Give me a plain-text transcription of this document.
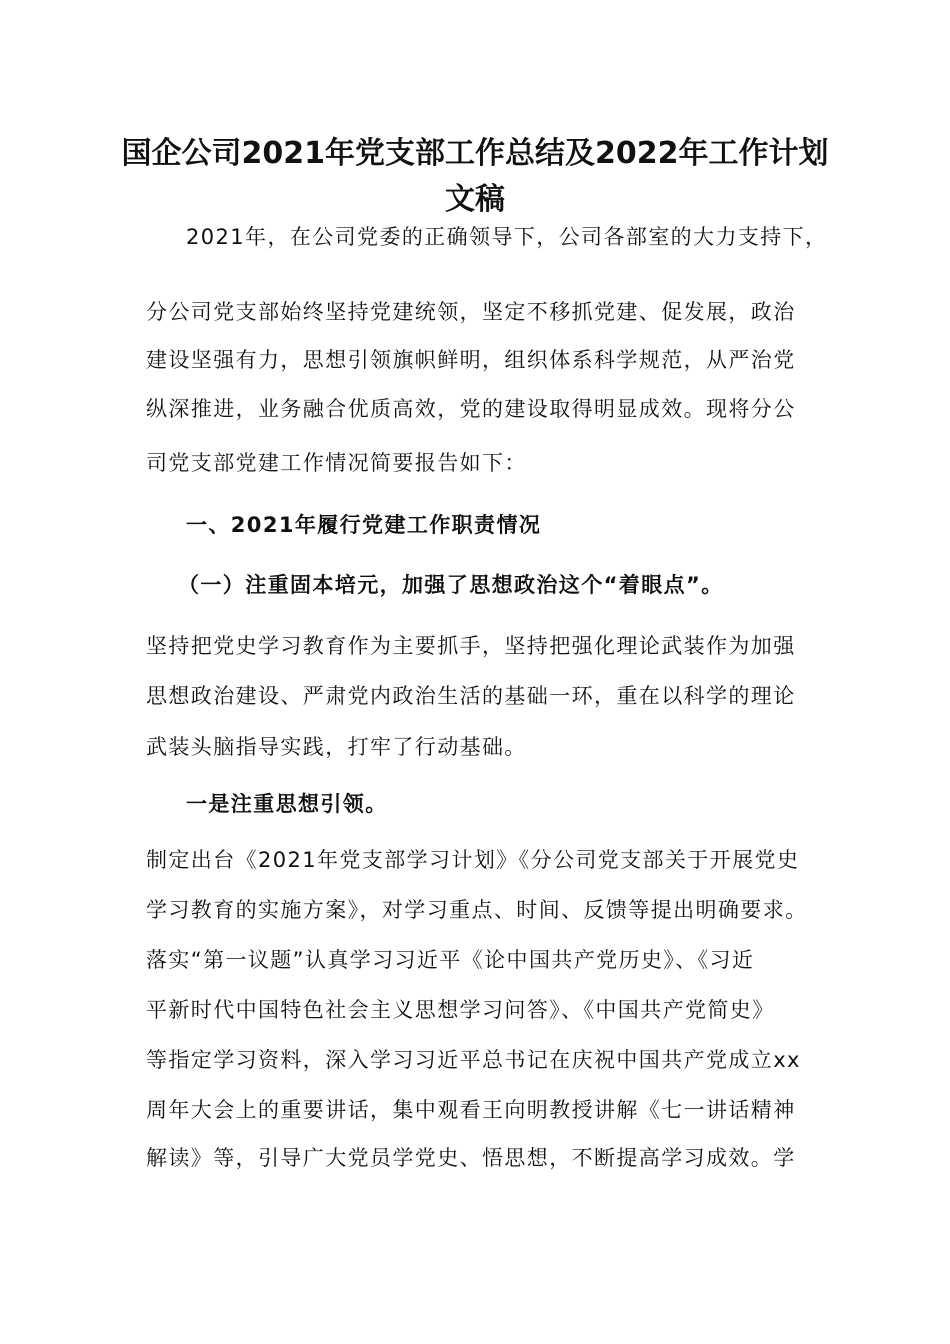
国企公司2021年党支部工作总结及2022年工作计划
文稿
2021年，在公司党委的正确领导下，公司各部室的大力支持下，
分公司党支部始终坚持党建统领，坚定不移抓党建、促发展，政治
建设坚强有力，思想引领旗帜鲜明，组织体系科学规范，从严治党
纵深推进，业务融合优质高效，党的建设取得明显成效。现将分公
司党支部党建工作情况简要报告如下：
一、2021年履行党建工作职责情况
（一）注重固本培元，加强了思想政治这个“着眼点”。
坚持把党史学习教育作为主要抓手，坚持把强化理论武装作为加强
思想政治建设、严肃党内政治生活的基础一环，重在以科学的理论
武装头脑指导实践，打牢了行动基础。
一是注重思想引领。
制定出台《2021年党支部学习计划》《分公司党支部关于开展党史
学习教育的实施方案》，对学习重点、时间、反馈等提出明确要求。
落实“第一议题”认真学习习近平《论中国共产党历史》、《习近
平新时代中国特色社会主义思想学习问答》、《中国共产党简史》
等指定学习资料，深入学习习近平总书记在庆祝中国共产党成立xx
周年大会上的重要讲话，集中观看王向明教授讲解《七一讲话精神
解读》等，引导广大党员学党史、悟思想，不断提高学习成效。学
